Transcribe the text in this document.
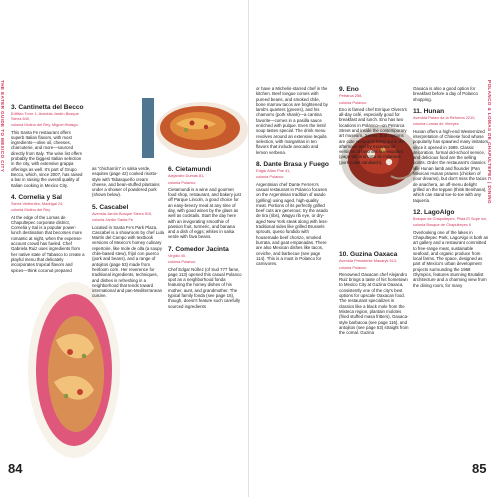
THE EATER GUIDE TO MEXICO CITY	POLANCO & LOMAS DE CHAPULTEPEC | DINING
3. Cantinetta del Becco
Edificio Torre 1, Avenida Jardín Bosque Sierra 640,
colonia Molino del Rey, Miguel Hidalgo
This Santa Fe restaurant offers superb Italian flavors, with most ingredients—olive oil, cheeses, charcuterie, and more—sourced directly from Italy. The wine list offers probably the biggest Italian selection in the city, with extensive grappa offerings as well. It's part of Grupo Becco, which, since 2007, has raised a bar in raising the overall quality of Italian cooking in Mexico City.
4. Cornelia y Sal
Sierra Vertientes, Madrigal 24,
colonia Molino del Rey
At the edge of the Lomas de Chapultepec corporate district, Cornelia y Sal is a popular power-lunch destination that becomes more romantic at night, when the expense-account crowd has fueled. Chef Gabriela Ruiz uses ingredients from her native state of Tabasco to create a playful menu that delicately incorporates tropical flavors and spices—think coconut prepared
as "chicharrón" in salsa verde, esquites (page 42) cooked risotto-style with Tabasqueño cream cheese, and bean-stuffed plantains under a shower of powdered pork (shown below).
5. Cascabel
Avenida Jardín Bosque Sierra 510,
colonia Jardín Santa Fe
Located in Santa Fe's Park Plaza, Cascabel is a showroom by chef Lula Martín del Campo with textbook versions of Mexico's homey culinary repertoire, like mole de olla (a soupy chile-based stew), frijol con puerco (pork and beans), and a range of antojitos (page 53) made from heirloom corn. Her reverence for traditional ingredients, techniques, and dishes is refreshing in a neighborhood that tends toward international and pan-Mediterranean cuisine.
6. Cietamundi
Alejandro Dumas 81,
colonia Polanco
Cietamundi is a wine and gourmet food shop, restaurant, and bakery just off Parque Lincoln, a good choice for an easy-breezy meal at any time of day, with good wines by the glass as well as cocktails. Start the day here with an invigorating smoothie of passion fruit, turmeric, and banana and a dish of eggs; whites in salsa verde with fava beans.
7. Comedor Jacinta
Virgilio 40,
colonia Polanco
Chef Edgar Núñez (of Sud 777 fame, page 113) opened this casual Polanco spot as a neighborhood fonda featuring the homey dishes of his mother, aunt, and grandmother. The typical family fonda (see page 16), though, doesn't feature such carefully sourced ingredients
or have a Michelin-starred chef in the kitchen. Beef tongue comes with pureed beans, and smoked chile, bone marrow tacos are brightened by lamb's quarters (greens), and his chamorro (pork shank)—a cantina favorite—comes in a pasilla sauce enriched with pulque. Even the lentil soup tastes special. The drink menu revolves around an extensive tequila selection, with margaritas in ten flavors that include avocado and lemon verbena.
8. Dante Brasa y Fuego
Edgar Allan Poe 41,
colonia Polanco
Argentinian chef Dante Ferrero's casual restaurant in Polanco focuses on the Argentinian tradition of asado (grilling) using aged, high-quality meat. Portions of its perfectly grilled beef cuts are generous; try the asado de tira (ribs), Wagyu rib eye, or dry-aged New York steak along with less-traditional sides like grilled Brussels sprouts, queso fundido with housemade beef chorizo, smoked burrata, and goat empanadas. There are also Mexican dishes like tacos, ceviche, and barbecue (see page 114). This is a must in Polanco for carnivores.
9. Eno
Petrarca 258,
colonia Polanco
Eno is famed chef Enrique Olvera's all-day café, especially good for breakfast and lunch. Eno has two locations in Polanco—on Petrarca Street and inside the contemporary art museum, Jumex. Both options are cute venues to hang out in the afternoon and try exceptional versions of favorites like esquites (page 55) and torta de milanesa (pork cutlet sandwich).
10. Guzina Oaxaca
Avenida Presidente Masaryk 513,
colonia Polanco
Renowned Oaxacan chef Alejandro Ruiz brings a taste of his hometown to Mexico City at Guzina Oaxaca, consistently one of the city's best options for upscale Oaxacan food. The restaurant specializes in classics like a black mole from the Mixteca region, plantain molotes (fried stuffed masa fritters), Oaxaca-style barbacoa (see page 116), and antojitos (see page 53) straight from the comal. Guzina
Oaxaca is also a good option for breakfast before a day of Polanco shopping.
11. Hunan
Avenida Paseo de la Reforma 2210,
colonia Lomas de Virreyes
Hunan offers a high-end Westernized interpretation of Chinese food whose popularity has spawned many imitators since it opened in 1989. Classic decoration, formal old-school service, and delicious food are the selling points. Order the restaurant's classics like Hunan lamb and flounder (Pan Mexican Hunan prawns (chicken of your dreams), but don't miss the tacos de anachera, an off-menu delight grilled on the teppan (think Benihana), which can stand toe-to-toe with any taquería.
12. LagoAlgo
Bosque de Chapultepec, Pista El Sope s/n,
colonia Bosque de Chapultepec II
Overlooking one of the lakes in Chapultepec Park, LagoAlgo is both an art gallery and a restaurant committed to free-range meat, sustainable seafood, and organic produce from local farms. The space, designed as part of Mexico's urban development projects surrounding the 1968 Olympics, features stunning Brutalist architecture and a charming view from the dining room, for many
84	85
